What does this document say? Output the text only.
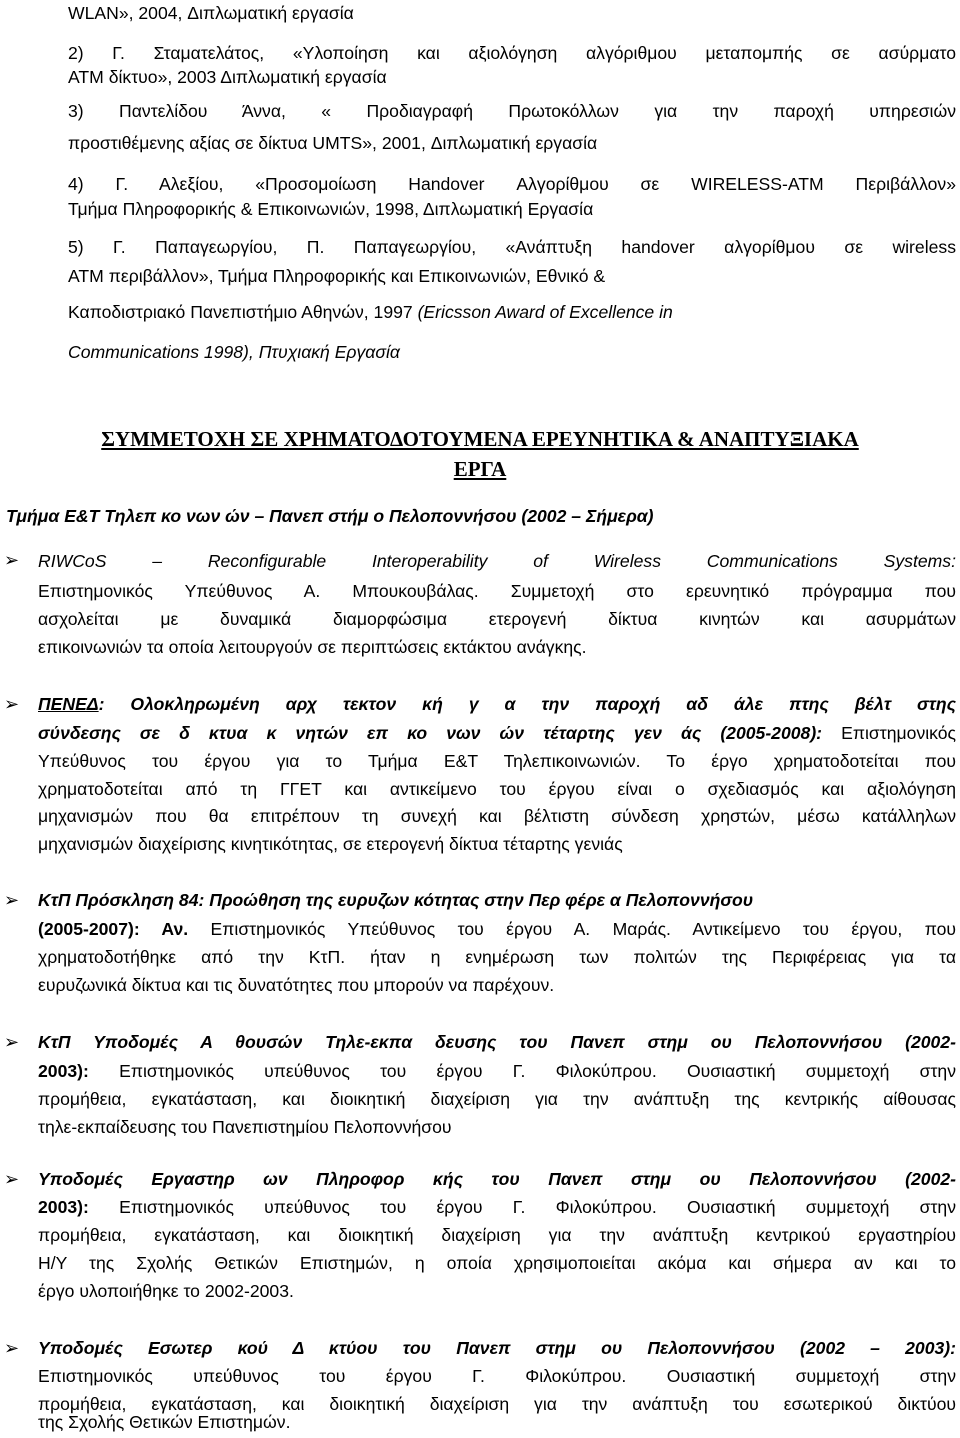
WLAN», 2004, Διπλωματική εργασία
2) Γ. Σταματελάτος, «Υλοποίηση και αξιολόγηση αλγόριθμου μεταπομπής σε ασύρματο
ΑΤΜ δίκτυο», 2003 Διπλωματική εργασία
3) Παντελίδου Άννα, « Προδιαγραφή Πρωτοκόλλων για την παροχή υπηρεσιών
προστιθέμενης αξίας σε δίκτυα UMTS», 2001, Διπλωματική εργασία
4) Γ. Αλεξίου, «Προσομοίωση Handover Αλγορίθμου σε WIRELESS-ATM Περιβάλλον»
Τμήμα Πληροφορικής & Επικοινωνιών, 1998, Διπλωματική Εργασία
5) Γ. Παπαγεωργίου, Π. Παπαγεωργίου, «Ανάπτυξη handover αλγορίθμου σε wireless
ΑΤΜ περιβάλλον», Τμήμα Πληροφορικής και Επικοινωνιών, Εθνικό &
Καποδιστριακό Πανεπιστήμιο Αθηνών, 1997 (Ericsson Award of Excellence in
Communications 1998), Πτυχιακή Εργασία
ΣΥΜΜΕΤΟΧΗ ΣΕ ΧΡΗΜΑΤΟΔΟΤΟΥΜΕΝΑ ΕΡΕΥΝΗΤΙΚΑ & ΑΝΑΠΤΥΞΙΑΚΑ
ΕΡΓΑ
Τμήμα Ε&Τ Τηλεπ κο νων ών – Πανεπ στήμ ο Πελοποννήσου (2002 – Σήμερα)
➢ RIWCoS – Reconfigurable Interoperability of Wireless Communications Systems:
Επιστημονικός Υπεύθυνος Α. Μπουκουβάλας. Συμμετοχή στο ερευνητικό πρόγραμμα που
ασχολείται με δυναμικά διαμορφώσιμα ετερογενή δίκτυα κινητών και ασυρμάτων
επικοινωνιών τα οποία λειτουργούν σε περιπτώσεις εκτάκτου ανάγκης.
➢ ΠΕΝΕΔ: Ολοκληρωμένη αρχ τεκτον κή γ α την παροχή αδ άλε πτης βέλτ στης
σύνδεσης σε δ κτυα κ νητών επ κο νων ών τέταρτης γεν άς (2005-2008): Επιστημονικός
Υπεύθυνος του έργου για το Τμήμα Ε&Τ Τηλεπικοινωνιών. Το έργο χρηματοδοτείται που
χρηματοδοτείται από τη ΓΓΕΤ και αντικείμενο του έργου είναι ο σχεδιασμός και αξιολόγηση
μηχανισμών που θα επιτρέπουν τη συνεχή και βέλτιστη σύνδεση χρηστών, μέσω κατάλληλων
μηχανισμών διαχείρισης κινητικότητας, σε ετερογενή δίκτυα τέταρτης γενιάς
➢ ΚτΠ Πρόσκληση 84: Προώθηση της ευρυζων κότητας στην Περ φέρε α Πελοποννήσου
(2005-2007): Αν. Επιστημονικός Υπεύθυνος του έργου Α. Μαράς. Αντικείμενο του έργου, που
χρηματοδοτήθηκε από την ΚτΠ. ήταν η ενημέρωση των πολιτών της Περιφέρειας για τα
ευρυζωνικά δίκτυα και τις δυνατότητες που μπορούν να παρέχουν.
➢ ΚτΠ Υποδομές Α θουσών Τηλε-εκπα δευσης του Πανεπ στημ ου Πελοποννήσου (2002-
2003): Επιστημονικός υπεύθυνος του έργου Γ. Φιλοκύπρου. Ουσιαστική συμμετοχή στην
προμήθεια, εγκατάσταση, και διοικητική διαχείριση για την ανάπτυξη της κεντρικής αίθουσας
τηλε-εκπαίδευσης του Πανεπιστημίου Πελοποννήσου
➢ Υποδομές Εργαστηρ ων Πληροφορ κής του Πανεπ στημ ου Πελοποννήσου (2002-
2003): Επιστημονικός υπεύθυνος του έργου Γ. Φιλοκύπρου. Ουσιαστική συμμετοχή στην
προμήθεια, εγκατάσταση, και διοικητική διαχείριση για την ανάπτυξη κεντρικού εργαστηρίου
Η/Υ της Σχολής Θετικών Επιστημών, η οποία χρησιμοποιείται ακόμα και σήμερα αν και το
έργο υλοποιήθηκε το 2002-2003.
➢ Υποδομές Εσωτερ κού Δ κτύου του Πανεπ στημ ου Πελοποννήσου (2002 – 2003):
Επιστημονικός υπεύθυνος του έργου Γ. Φιλοκύπρου. Ουσιαστική συμμετοχή στην
προμήθεια, εγκατάσταση, και διοικητική διαχείριση για την ανάπτυξη του εσωτερικού δικτύου
της Σχολής Θετικών Επιστημών.
